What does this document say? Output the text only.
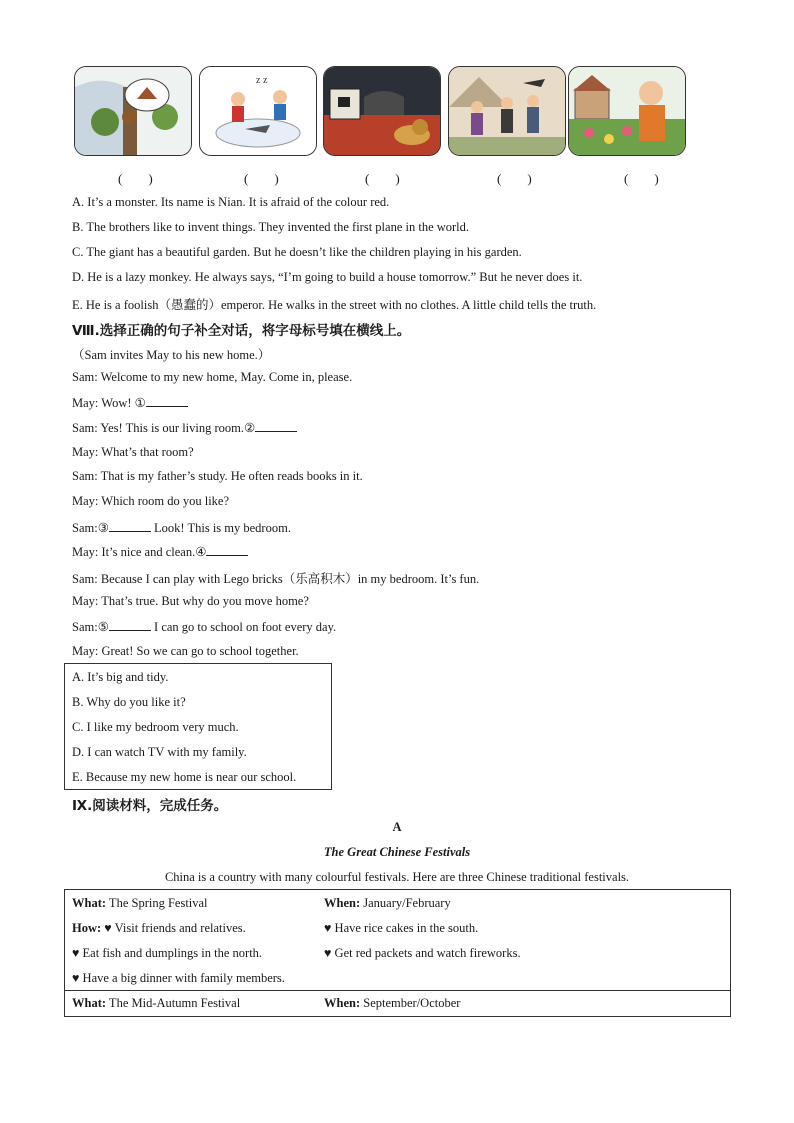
z z
(　　)	(　　)	(　　)	(　　)	(　　)
A. It’s a monster. Its name is Nian. It is afraid of the colour red.
B. The brothers like to invent things. They invented the first plane in the world.
C. The giant has a beautiful garden. But he doesn’t like the children playing in his garden.
D. He is a lazy monkey. He always says, “I’m going to build a house tomorrow.” But he never does it.
E. He is a foolish（愚蠢的）emperor. He walks in the street with no clothes. A little child tells the truth.
Ⅷ.选择正确的句子补全对话，将字母标号填在横线上。
（Sam invites May to his new home.）
Sam: Welcome to my new home, May. Come in, please.
May: Wow! ①
Sam: Yes! This is our living room.②
May: What’s that room?
Sam: That is my father’s study. He often reads books in it.
May: Which room do you like?
Sam:③	Look! This is my bedroom.
May: It’s nice and clean.④
Sam: Because I can play with Lego bricks（乐高积木）in my bedroom. It’s fun.
May: That’s true. But why do you move home?
Sam:⑤	I can go to school on foot every day.
May: Great! So we can go to school together.
A. It’s big and tidy.
B. Why do you like it?
C. I like my bedroom very much.
D. I can watch TV with my family.
E. Because my new home is near our school.
Ⅸ.阅读材料，完成任务。
A
The Great Chinese Festivals
China is a country with many colourful festivals. Here are three Chinese traditional festivals.
What: The Spring Festival	When: January/February
How: ♥ Visit friends and relatives.	♥ Have rice cakes in the south.
♥ Eat fish and dumplings in the north.	♥ Get red packets and watch fireworks.
♥ Have a big dinner with family members.
What: The Mid-Autumn Festival	When: September/October
